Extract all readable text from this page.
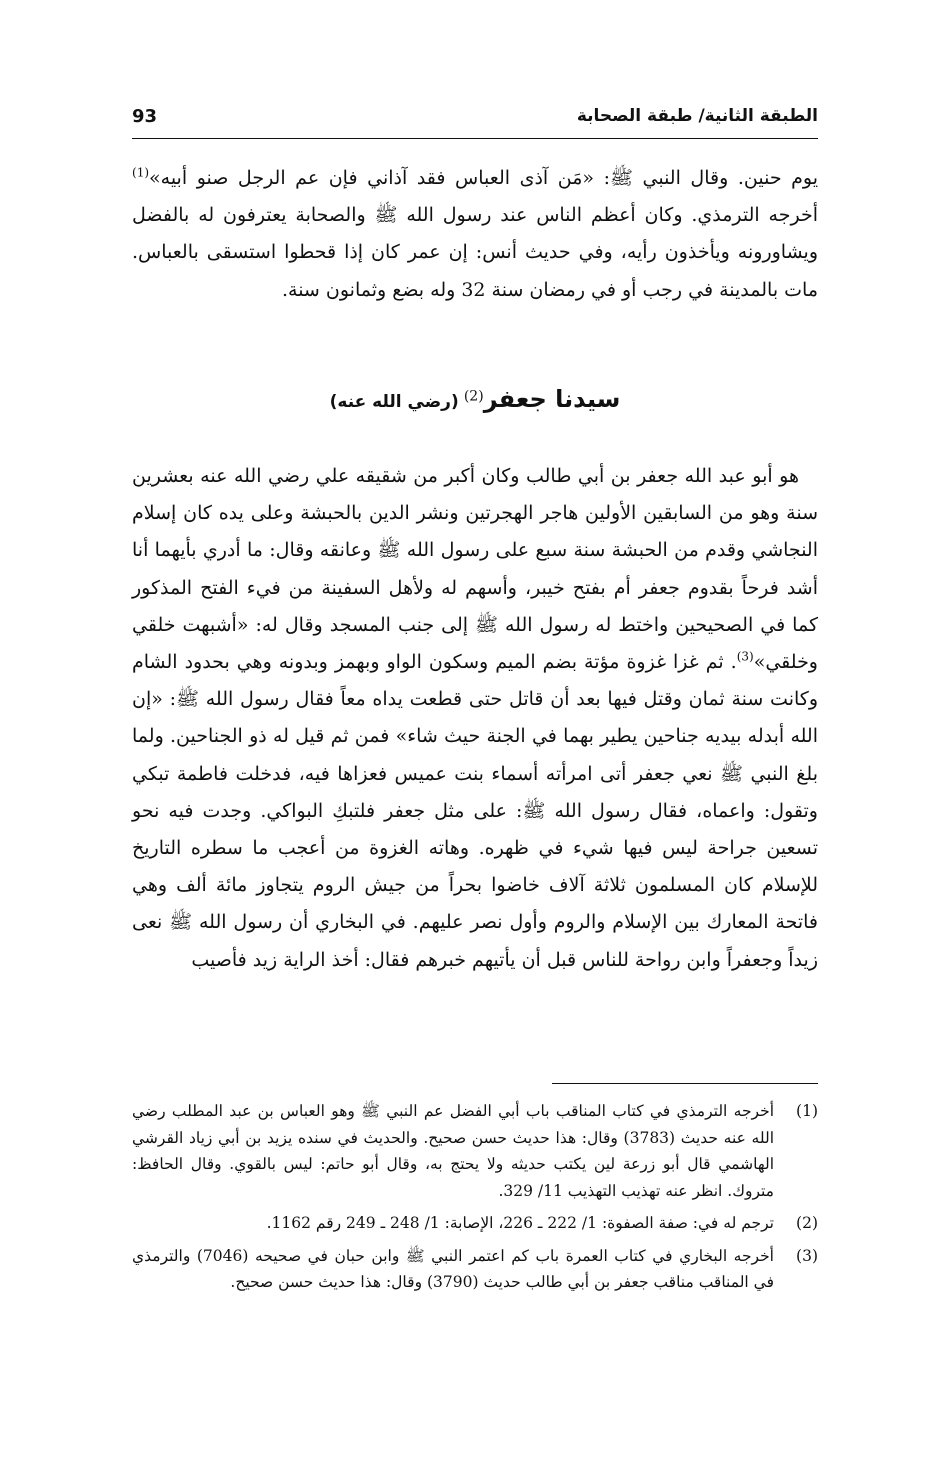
الطبقة الثانية/ طبقة الصحابة
93
يوم حنين. وقال النبي ﷺ: «مَن آذى العباس فقد آذاني فإن عم الرجل صنو أبيه»$^{(1)}$ أخرجه الترمذي. وكان أعظم الناس عند رسول الله ﷺ والصحابة يعترفون له بالفضل ويشاورونه ويأخذون رأيه، وفي حديث أنس: إن عمر كان إذا قحطوا استسقى بالعباس. مات بالمدينة في رجب أو في رمضان سنة 32 وله بضع وثمانون سنة.
سيدنا جعفر(2) (رضي الله عنه)
 هو أبو عبد الله جعفر بن أبي طالب وكان أكبر من شقيقه علي رضي الله عنه بعشرين سنة وهو من السابقين الأولين هاجر الهجرتين ونشر الدين بالحبشة وعلى يده كان إسلام النجاشي وقدم من الحبشة سنة سبع على رسول الله ﷺ وعانقه وقال: ما أدري بأيهما أنا أشد فرحاً بقدوم جعفر أم بفتح خيبر، وأسهم له ولأهل السفينة من فيء الفتح المذكور كما في الصحيحين واختط له رسول الله ﷺ إلى جنب المسجد وقال له: «أشبهت خلقي وخلقي»$^{(3)}$. ثم غزا غزوة مؤتة بضم الميم وسكون الواو وبهمز وبدونه وهي بحدود الشام وكانت سنة ثمان وقتل فيها بعد أن قاتل حتى قطعت يداه معاً فقال رسول الله ﷺ: «إن الله أبدله بيديه جناحين يطير بهما في الجنة حيث شاء» فمن ثم قيل له ذو الجناحين. ولما بلغ النبي ﷺ نعي جعفر أتى امرأته أسماء بنت عميس فعزاها فيه، فدخلت فاطمة تبكي وتقول: واعماه، فقال رسول الله ﷺ: على مثل جعفر فلتبكِ البواكي. وجدت فيه نحو تسعين جراحة ليس فيها شيء في ظهره. وهاته الغزوة من أعجب ما سطره التاريخ للإسلام كان المسلمون ثلاثة آلاف خاضوا بحراً من جيش الروم يتجاوز مائة ألف وهي فاتحة المعارك بين الإسلام والروم وأول نصر عليهم. في البخاري أن رسول الله ﷺ نعى زيداً وجعفراً وابن رواحة للناس قبل أن يأتيهم خبرهم فقال: أخذ الراية زيد فأصيب
(1)
أخرجه الترمذي في كتاب المناقب باب أبي الفضل عم النبي ﷺ وهو العباس بن عبد المطلب رضي الله عنه حديث (3783) وقال: هذا حديث حسن صحيح. والحديث في سنده يزيد بن أبي زياد القرشي الهاشمي قال أبو زرعة لين يكتب حديثه ولا يحتج به، وقال أبو حاتم: ليس بالقوي. وقال الحافظ: متروك. انظر عنه تهذيب التهذيب 11/ 329.
(2)
ترجم له في: صفة الصفوة: 1/ 222 ـ 226، الإصابة: 1/ 248 ـ 249 رقم 1162.
(3)
أخرجه البخاري في كتاب العمرة باب كم اعتمر النبي ﷺ وابن حبان في صحيحه (7046) والترمذي في المناقب مناقب جعفر بن أبي طالب حديث (3790) وقال: هذا حديث حسن صحيح.
